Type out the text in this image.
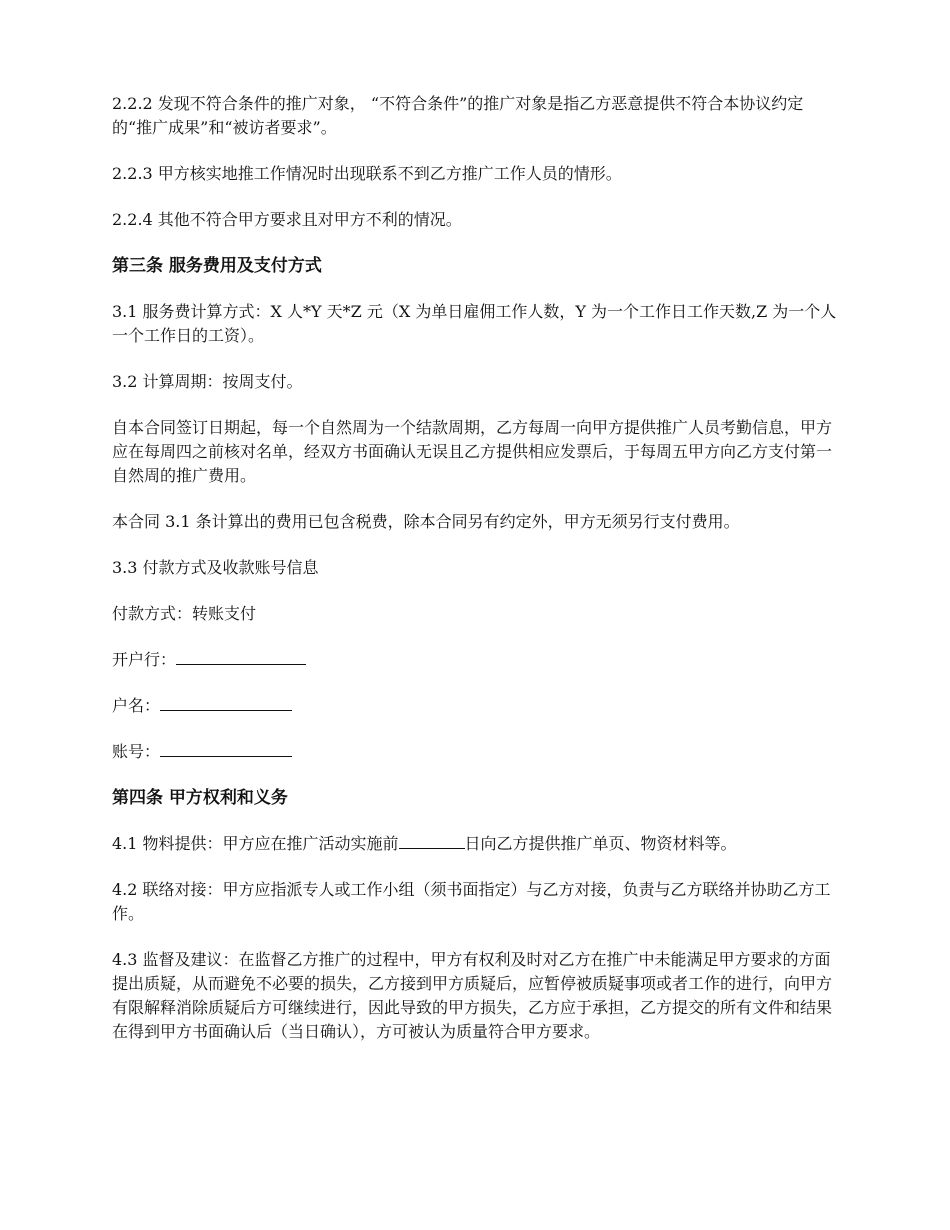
2.2.2 发现不符合条件的推广对象， “不符合条件”的推广对象是指乙方恶意提供不符合本协议约定的“推广成果”和“被访者要求”。

2.2.3 甲方核实地推工作情况时出现联系不到乙方推广工作人员的情形。

2.2.4 其他不符合甲方要求且对甲方不利的情况。

第三条 服务费用及支付方式

3.1 服务费计算方式：X 人*Y 天*Z 元（X 为单日雇佣工作人数，Y 为一个工作日工作天数,Z 为一个人一个工作日的工资）。

3.2 计算周期：按周支付。

自本合同签订日期起，每一个自然周为一个结款周期，乙方每周一向甲方提供推广人员考勤信息，甲方应在每周四之前核对名单，经双方书面确认无误且乙方提供相应发票后，于每周五甲方向乙方支付第一自然周的推广费用。

本合同 3.1 条计算出的费用已包含税费，除本合同另有约定外，甲方无须另行支付费用。

3.3 付款方式及收款账号信息

付款方式：转账支付

开户行：

户名：

账号：

第四条 甲方权利和义务

4.1 物料提供：甲方应在推广活动实施前	日向乙方提供推广单页、物资材料等。

4.2 联络对接：甲方应指派专人或工作小组（须书面指定）与乙方对接，负责与乙方联络并协助乙方工作。

4.3 监督及建议：在监督乙方推广的过程中，甲方有权利及时对乙方在推广中未能满足甲方要求的方面提出质疑，从而避免不必要的损失，乙方接到甲方质疑后，应暂停被质疑事项或者工作的进行，向甲方有限解释消除质疑后方可继续进行，因此导致的甲方损失，乙方应于承担，乙方提交的所有文件和结果在得到甲方书面确认后（当日确认），方可被认为质量符合甲方要求。
